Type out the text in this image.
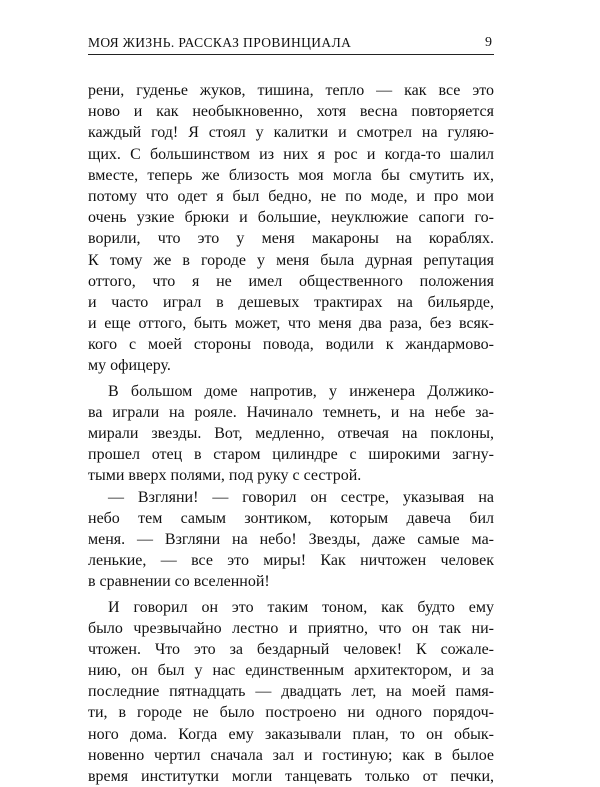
МОЯ ЖИЗНЬ. РАССКАЗ ПРОВИНЦИАЛА	9
рени, гуденье жуков, тишина, тепло — как все это
ново и как необыкновенно, хотя весна повторяется
каждый год! Я стоял у калитки и смотрел на гуляю-
щих. С большинством из них я рос и когда-то шалил
вместе, теперь же близость моя могла бы смутить их,
потому что одет я был бедно, не по моде, и про мои
очень узкие брюки и большие, неуклюжие сапоги го-
ворили, что это у меня макароны на кораблях.
К тому же в городе у меня была дурная репутация
оттого, что я не имел общественного положения
и часто играл в дешевых трактирах на бильярде,
и еще оттого, быть может, что меня два раза, без всяк-
кого с моей стороны повода, водили к жандармово-
му офицеру.
В большом доме напротив, у инженера Должико-
ва играли на рояле. Начинало темнеть, и на небе за-
мирали звезды. Вот, медленно, отвечая на поклоны,
прошел отец в старом цилиндре с широкими загну-
тыми вверх полями, под руку с сестрой.
— Взгляни! — говорил он сестре, указывая на
небо тем самым зонтиком, которым давеча бил
меня. — Взгляни на небо! Звезды, даже самые ма-
ленькие, — все это миры! Как ничтожен человек
в сравнении со вселенной!
И говорил он это таким тоном, как будто ему
было чрезвычайно лестно и приятно, что он так ни-
чтожен. Что это за бездарный человек! К сожале-
нию, он был у нас единственным архитектором, и за
последние пятнадцать — двадцать лет, на моей памя-
ти, в городе не было построено ни одного порядоч-
ного дома. Когда ему заказывали план, то он обык-
новенно чертил сначала зал и гостиную; как в былое
время институтки могли танцевать только от печки,
